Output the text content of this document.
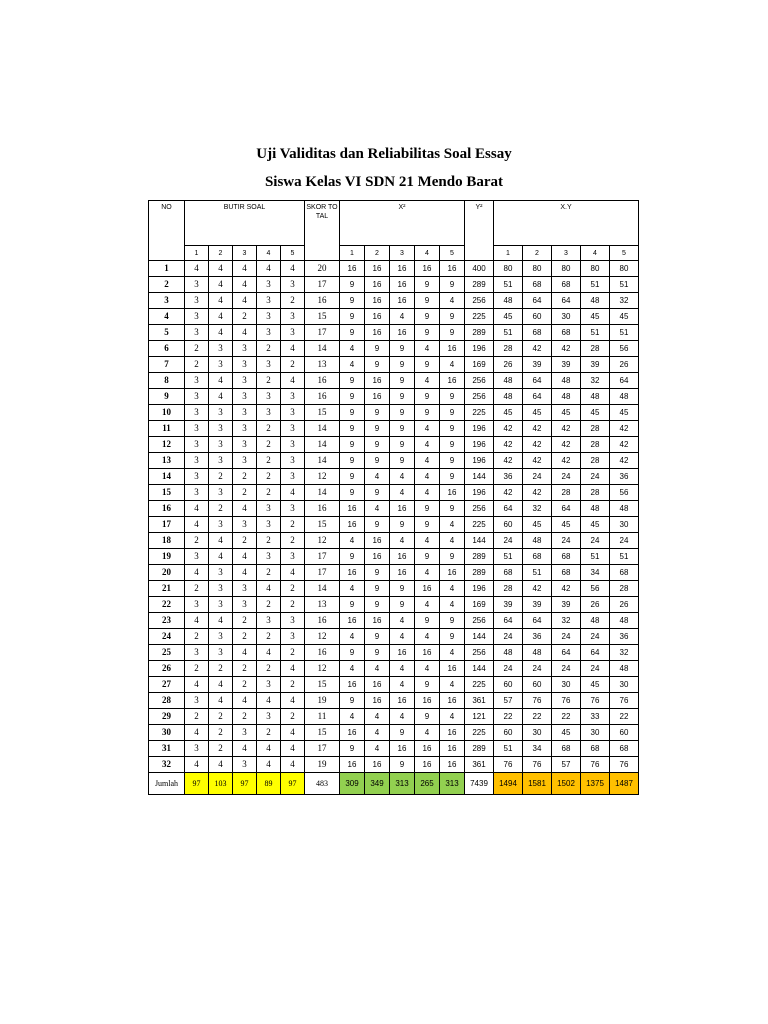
Uji Validitas dan Reliabilitas Soal Essay
Siswa Kelas VI SDN 21 Mendo Barat
NO	BUTIR SOAL					SKOR TOTAL	X²					Y²	X.Y				
	1	2	3	4	5		1	2	3	4	5		1	2	3	4	5
1	4	4	4	4	4	20	16	16	16	16	16	400	80	80	80	80	80
2	3	4	4	3	3	17	9	16	16	9	9	289	51	68	68	51	51
3	3	4	4	3	2	16	9	16	16	9	4	256	48	64	64	48	32
4	3	4	2	3	3	15	9	16	4	9	9	225	45	60	30	45	45
5	3	4	4	3	3	17	9	16	16	9	9	289	51	68	68	51	51
6	2	3	3	2	4	14	4	9	9	4	16	196	28	42	42	28	56
7	2	3	3	3	2	13	4	9	9	9	4	169	26	39	39	39	26
8	3	4	3	2	4	16	9	16	9	4	16	256	48	64	48	32	64
9	3	4	3	3	3	16	9	16	9	9	9	256	48	64	48	48	48
10	3	3	3	3	3	15	9	9	9	9	9	225	45	45	45	45	45
11	3	3	3	2	3	14	9	9	9	4	9	196	42	42	42	28	42
12	3	3	3	2	3	14	9	9	9	4	9	196	42	42	42	28	42
13	3	3	3	2	3	14	9	9	9	4	9	196	42	42	42	28	42
14	3	2	2	2	3	12	9	4	4	4	9	144	36	24	24	24	36
15	3	3	2	2	4	14	9	9	4	4	16	196	42	42	28	28	56
16	4	2	4	3	3	16	16	4	16	9	9	256	64	32	64	48	48
17	4	3	3	3	2	15	16	9	9	9	4	225	60	45	45	45	30
18	2	4	2	2	2	12	4	16	4	4	4	144	24	48	24	24	24
19	3	4	4	3	3	17	9	16	16	9	9	289	51	68	68	51	51
20	4	3	4	2	4	17	16	9	16	4	16	289	68	51	68	34	68
21	2	3	3	4	2	14	4	9	9	16	4	196	28	42	42	56	28
22	3	3	3	2	2	13	9	9	9	4	4	169	39	39	39	26	26
23	4	4	2	3	3	16	16	16	4	9	9	256	64	64	32	48	48
24	2	3	2	2	3	12	4	9	4	4	9	144	24	36	24	24	36
25	3	3	4	4	2	16	9	9	16	16	4	256	48	48	64	64	32
26	2	2	2	2	4	12	4	4	4	4	16	144	24	24	24	24	48
27	4	4	2	3	2	15	16	16	4	9	4	225	60	60	30	45	30
28	3	4	4	4	4	19	9	16	16	16	16	361	57	76	76	76	76
29	2	2	2	3	2	11	4	4	4	9	4	121	22	22	22	33	22
30	4	2	3	2	4	15	16	4	9	4	16	225	60	30	45	30	60
31	3	2	4	4	4	17	9	4	16	16	16	289	51	34	68	68	68
32	4	4	3	4	4	19	16	16	9	16	16	361	76	76	57	76	76
Jumlah	97	103	97	89	97	483	309	349	313	265	313	7439	1494	1581	1502	1375	1487
